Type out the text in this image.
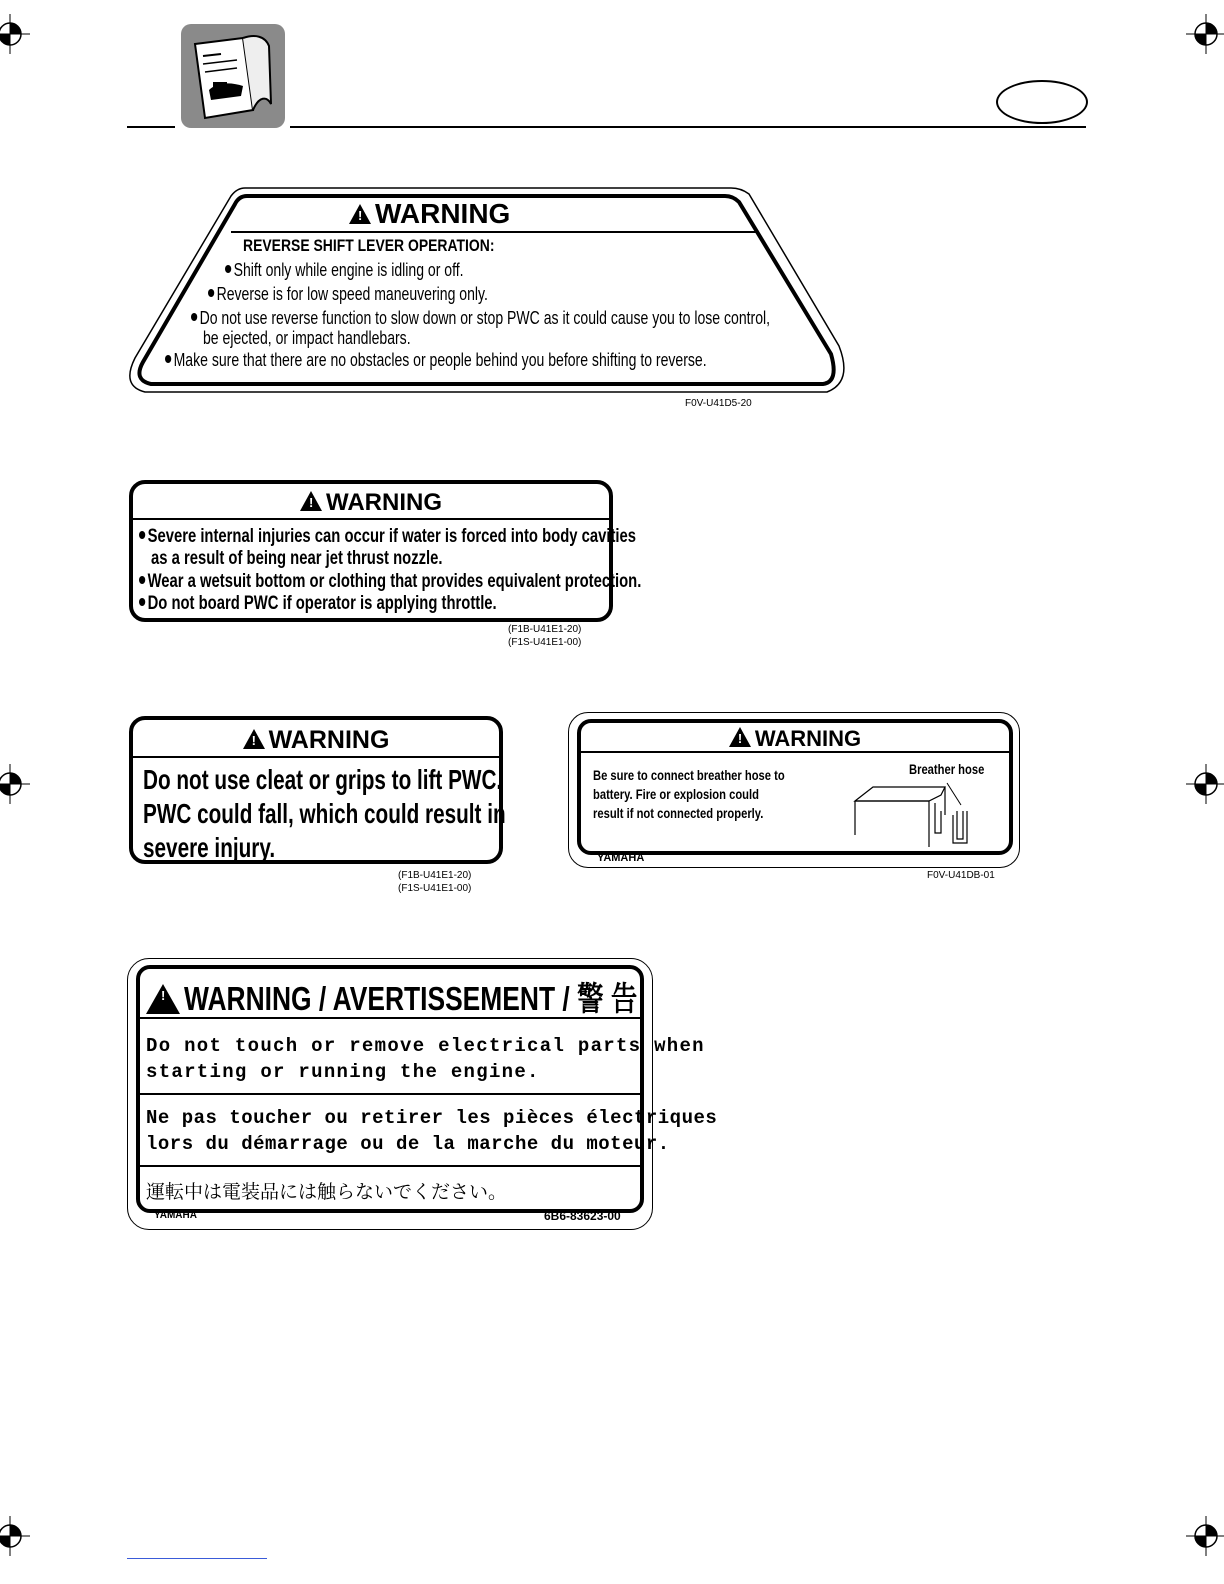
!WARNING
REVERSE SHIFT LEVER OPERATION:
Shift only while engine is idling or off.
Reverse is for low speed maneuvering only.
Do not use reverse function to slow down or stop PWC as it could cause you to lose control,
be ejected, or impact handlebars.
Make sure that there are no obstacles or people behind you before shifting to reverse.
F0V-U41D5-20
!WARNING
Severe internal injuries can occur if water is forced into body cavities
as a result of being near jet thrust nozzle.
Wear a wetsuit bottom or clothing that provides equivalent protection.
Do not board PWC if operator is applying throttle.
(F1B-U41E1-20)
(F1S-U41E1-00)
!WARNING
Do not use cleat or grips to lift PWC.
PWC could fall, which could result in
severe injury.
(F1B-U41E1-20)
(F1S-U41E1-00)
!WARNING
Be sure to connect breather hose to
battery. Fire or explosion could
result if not connected properly.
Breather hose
YAMAHA
F0V-U41DB-01
!WARNING / AVERTISSEMENT / 警 告
Do not touch or remove electrical parts when
starting or running the engine.
Ne pas toucher ou retirer les pièces électriques
lors du démarrage ou de la marche du moteur.
運転中は電装品には触らないでください。
YAMAHA	6B6-83623-00
